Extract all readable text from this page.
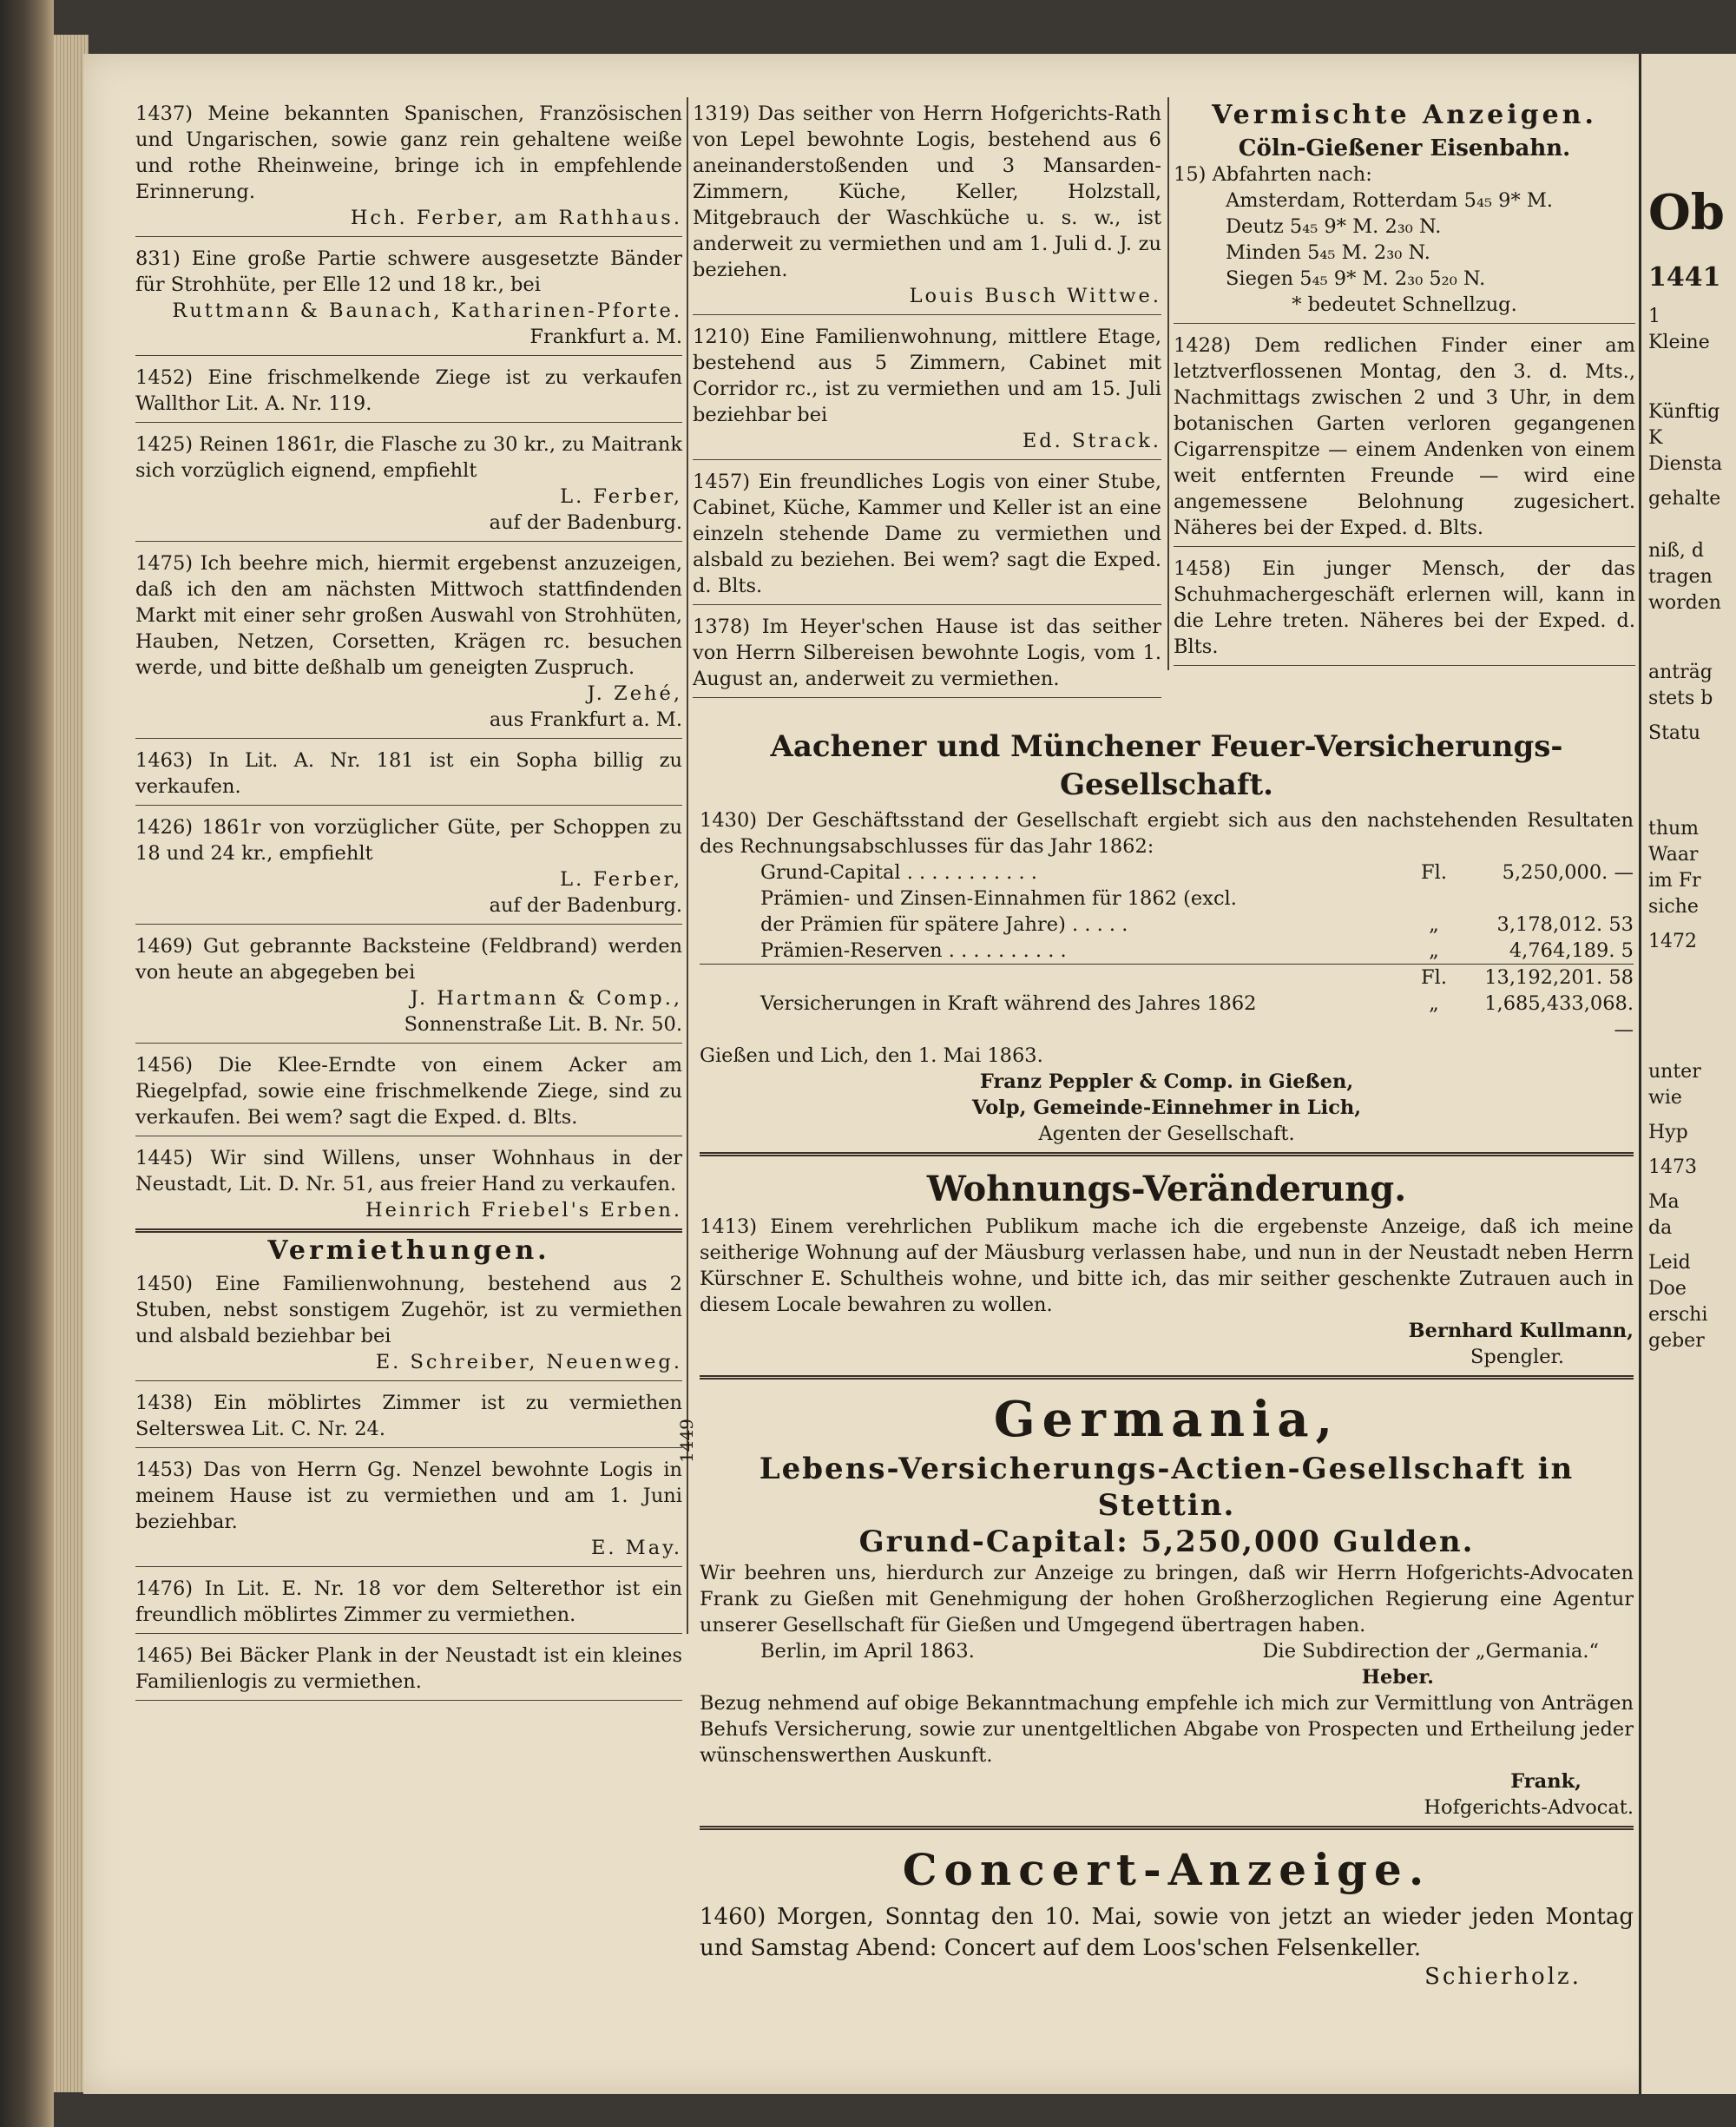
1437) Meine bekannten Spanischen, Französischen und Ungarischen, sowie ganz rein gehaltene weiße und rothe Rheinweine, bringe ich in empfehlende Erinnerung.

Hch. Ferber, am Rathhaus.

831) Eine große Partie schwere ausgesetzte Bänder für Strohhüte, per Elle 12 und 18 kr., bei

Ruttmann & Baunach, Katharinen-Pforte.

Frankfurt a. M.

1452) Eine frischmelkende Ziege ist zu verkaufen Wallthor Lit. A. Nr. 119.

1425) Reinen 1861r, die Flasche zu 30 kr., zu Maitrank sich vorzüglich eignend, empfiehlt

L. Ferber,

auf der Badenburg.

1475) Ich beehre mich, hiermit ergebenst anzuzeigen, daß ich den am nächsten Mittwoch stattfindenden Markt mit einer sehr großen Auswahl von Strohhüten, Hauben, Netzen, Corsetten, Krägen rc. besuchen werde, und bitte deßhalb um geneigten Zuspruch.

J. Zehé,

aus Frankfurt a. M.

1463) In Lit. A. Nr. 181 ist ein Sopha billig zu verkaufen.

1426) 1861r von vorzüglicher Güte, per Schoppen zu 18 und 24 kr., empfiehlt

L. Ferber,

auf der Badenburg.

1469) Gut gebrannte Backsteine (Feldbrand) werden von heute an abgegeben bei

J. Hartmann & Comp.,

Sonnenstraße Lit. B. Nr. 50.

1456) Die Klee-Erndte von einem Acker am Riegelpfad, sowie eine frischmelkende Ziege, sind zu verkaufen. Bei wem? sagt die Exped. d. Blts.

1445) Wir sind Willens, unser Wohnhaus in der Neustadt, Lit. D. Nr. 51, aus freier Hand zu verkaufen.

Heinrich Friebel's Erben.

Vermiethungen.

1450) Eine Familienwohnung, bestehend aus 2 Stuben, nebst sonstigem Zugehör, ist zu vermiethen und alsbald beziehbar bei

E. Schreiber, Neuenweg.

1438) Ein möblirtes Zimmer ist zu vermiethen Selterswea Lit. C. Nr. 24.

1453) Das von Herrn Gg. Nenzel bewohnte Logis in meinem Hause ist zu vermiethen und am 1. Juni beziehbar.

E. May.

1476) In Lit. E. Nr. 18 vor dem Selterethor ist ein freundlich möblirtes Zimmer zu vermiethen.

1465) Bei Bäcker Plank in der Neustadt ist ein kleines Familienlogis zu vermiethen.

1319) Das seither von Herrn Hofgerichts-Rath von Lepel bewohnte Logis, bestehend aus 6 aneinanderstoßenden und 3 Mansarden-Zimmern, Küche, Keller, Holzstall, Mitgebrauch der Waschküche u. s. w., ist anderweit zu vermiethen und am 1. Juli d. J. zu beziehen.

Louis Busch Wittwe.

1210) Eine Familienwohnung, mittlere Etage, bestehend aus 5 Zimmern, Cabinet mit Corridor rc., ist zu vermiethen und am 15. Juli beziehbar bei

Ed. Strack.

1457) Ein freundliches Logis von einer Stube, Cabinet, Küche, Kammer und Keller ist an eine einzeln stehende Dame zu vermiethen und alsbald zu beziehen. Bei wem? sagt die Exped. d. Blts.

1378) Im Heyer'schen Hause ist das seither von Herrn Silbereisen bewohnte Logis, vom 1. August an, anderweit zu vermiethen.

Vermischte Anzeigen.

Cöln-Gießener Eisenbahn.

15) Abfahrten nach:

Amsterdam, Rotterdam 5₄₅ 9* M.

Deutz 5₄₅ 9* M. 2₃₀ N.

Minden 5₄₅ M. 2₃₀ N.

Siegen 5₄₅ 9* M. 2₃₀ 5₂₀ N.

* bedeutet Schnellzug.

1428) Dem redlichen Finder einer am letztverflossenen Montag, den 3. d. Mts., Nachmittags zwischen 2 und 3 Uhr, in dem botanischen Garten verloren gegangenen Cigarrenspitze — einem Andenken von einem weit entfernten Freunde — wird eine angemessene Belohnung zugesichert. Näheres bei der Exped. d. Blts.

1458) Ein junger Mensch, der das Schuhmachergeschäft erlernen will, kann in die Lehre treten. Näheres bei der Exped. d. Blts.

Aachener und Münchener Feuer-Versicherungs-Gesellschaft.

1430) Der Geschäftsstand der Gesellschaft ergiebt sich aus den nachstehenden Resultaten des Rechnungsabschlusses für das Jahr 1862:

Grund-Capital . . . . . . . . . . .	Fl.	5,250,000. —
Prämien- und Zinsen-Einnahmen für 1862 (excl.
der Prämien für spätere Jahre) . . . . .	„	3,178,012. 53
Prämien-Reserven . . . . . . . . . .	„	4,764,189. 5
Fl.	13,192,201. 58
Versicherungen in Kraft während des Jahres 1862	„	1,685,433,068. —

Gießen und Lich, den 1. Mai 1863.

Franz Peppler & Comp. in Gießen,

Volp, Gemeinde-Einnehmer in Lich,

Agenten der Gesellschaft.

Wohnungs-Veränderung.

1413) Einem verehrlichen Publikum mache ich die ergebenste Anzeige, daß ich meine seitherige Wohnung auf der Mäusburg verlassen habe, und nun in der Neustadt neben Herrn Kürschner E. Schultheis wohne, und bitte ich, das mir seither geschenkte Zutrauen auch in diesem Locale bewahren zu wollen.

Bernhard Kullmann,

Spengler.

1449	Germania,
Lebens-Versicherungs-Actien-Gesellschaft in Stettin.
Grund-Capital: 5,250,000 Gulden.

Wir beehren uns, hierdurch zur Anzeige zu bringen, daß wir Herrn Hofgerichts-Advocaten Frank zu Gießen mit Genehmigung der hohen Großherzoglichen Regierung eine Agentur unserer Gesellschaft für Gießen und Umgegend übertragen haben.

Berlin, im April 1863.	Die Subdirection der „Germania.“

Heber.

Bezug nehmend auf obige Bekanntmachung empfehle ich mich zur Vermittlung von Anträgen Behufs Versicherung, sowie zur unentgeltlichen Abgabe von Prospecten und Ertheilung jeder wünschenswerthen Auskunft.

Frank,

Hofgerichts-Advocat.

Concert-Anzeige.

1460) Morgen, Sonntag den 10. Mai, sowie von jetzt an wieder jeden Montag und Samstag Abend: Concert auf dem Loos'schen Felsenkeller.

Schierholz.

Ob
1441
1
Kleine
Künftig
K
Diensta
gehalte
niß, d
tragen
worden
anträg
stets b
Statu
thum
Waar
im Fr
siche
1472
unter
wie
Hyp
1473
Ma
da
Leid
Doe
erschi
geber
